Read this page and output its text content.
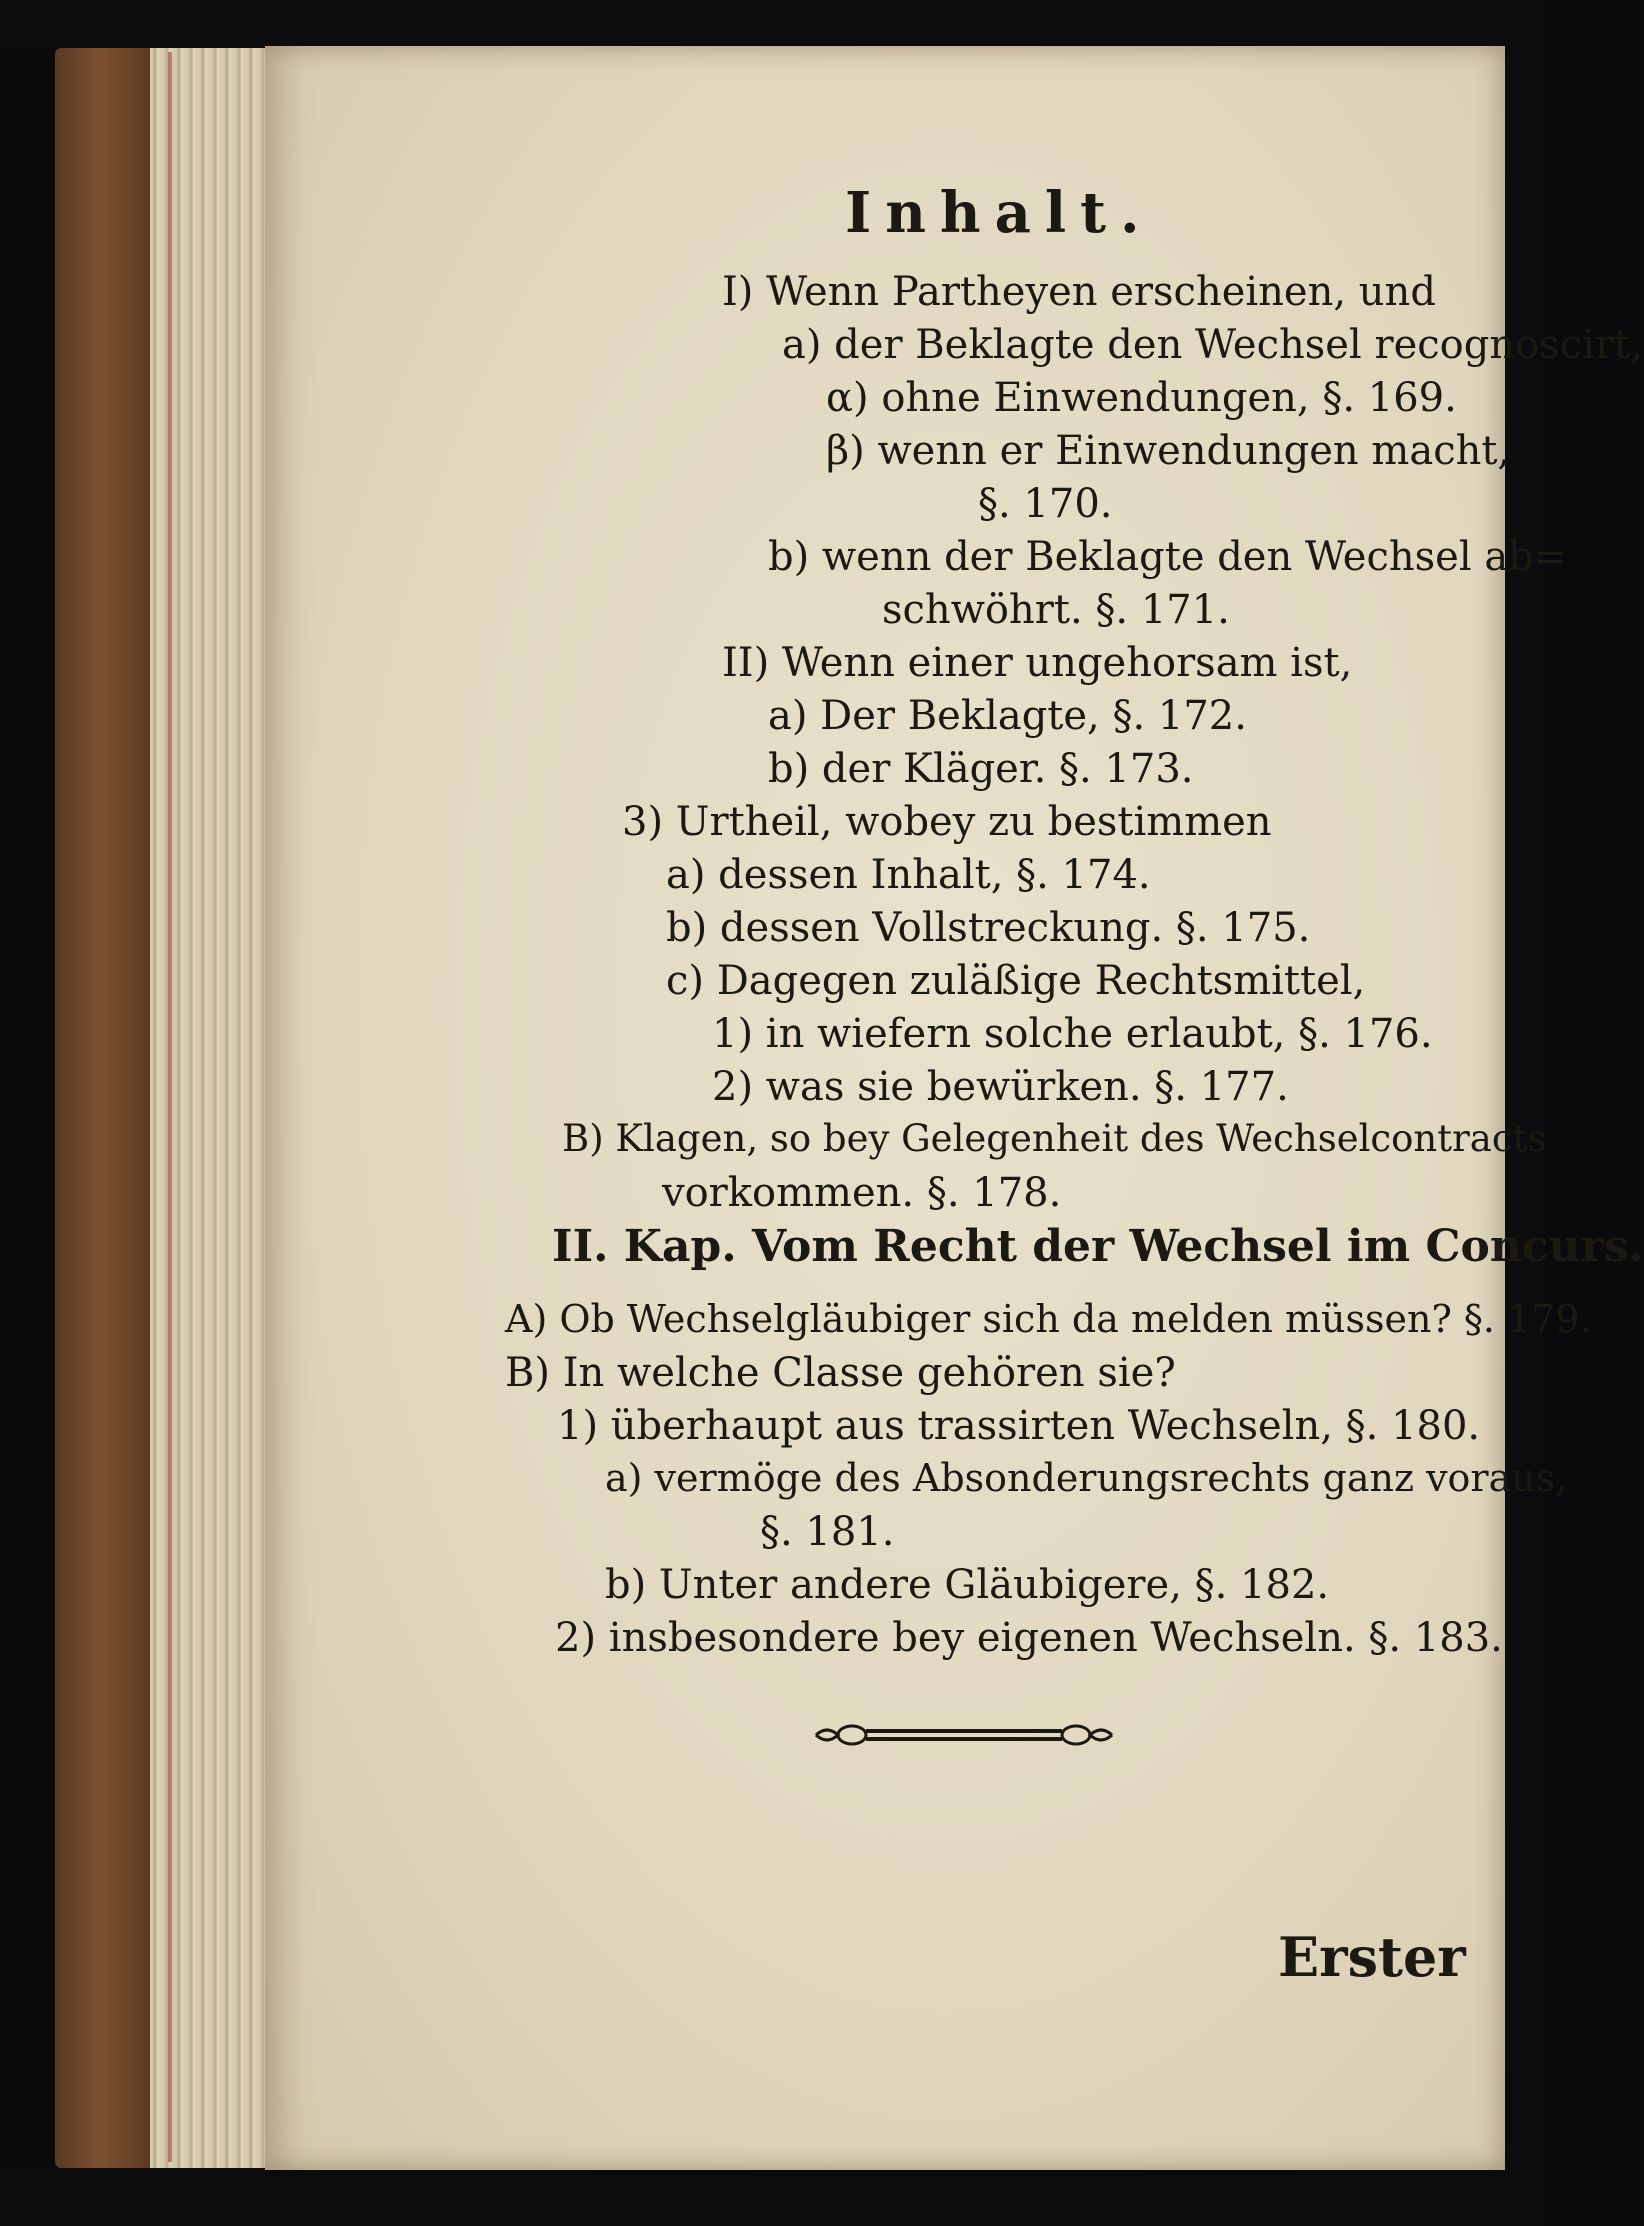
Inhalt.
I) Wenn Partheyen erscheinen, und
a) der Beklagte den Wechsel recognoscirt,
α) ohne Einwendungen, §. 169.
β) wenn er Einwendungen macht,
§. 170.
b) wenn der Beklagte den Wechsel ab=
schwöhrt. §. 171.
II) Wenn einer ungehorsam ist,
a) Der Beklagte, §. 172.
b) der Kläger. §. 173.
3) Urtheil, wobey zu bestimmen
a) dessen Inhalt, §. 174.
b) dessen Vollstreckung. §. 175.
c) Dagegen zuläßige Rechtsmittel,
1) in wiefern solche erlaubt, §. 176.
2) was sie bewürken. §. 177.
B) Klagen, so bey Gelegenheit des Wechselcontracts
vorkommen. §. 178.
II. Kap. Vom Recht der Wechsel im Concurs.
A) Ob Wechselgläubiger sich da melden müssen? §. 179.
B) In welche Classe gehören sie?
1) überhaupt aus trassirten Wechseln, §. 180.
a) vermöge des Absonderungsrechts ganz voraus,
§. 181.
b) Unter andere Gläubigere, §. 182.
2) insbesondere bey eigenen Wechseln. §. 183.
Erster
